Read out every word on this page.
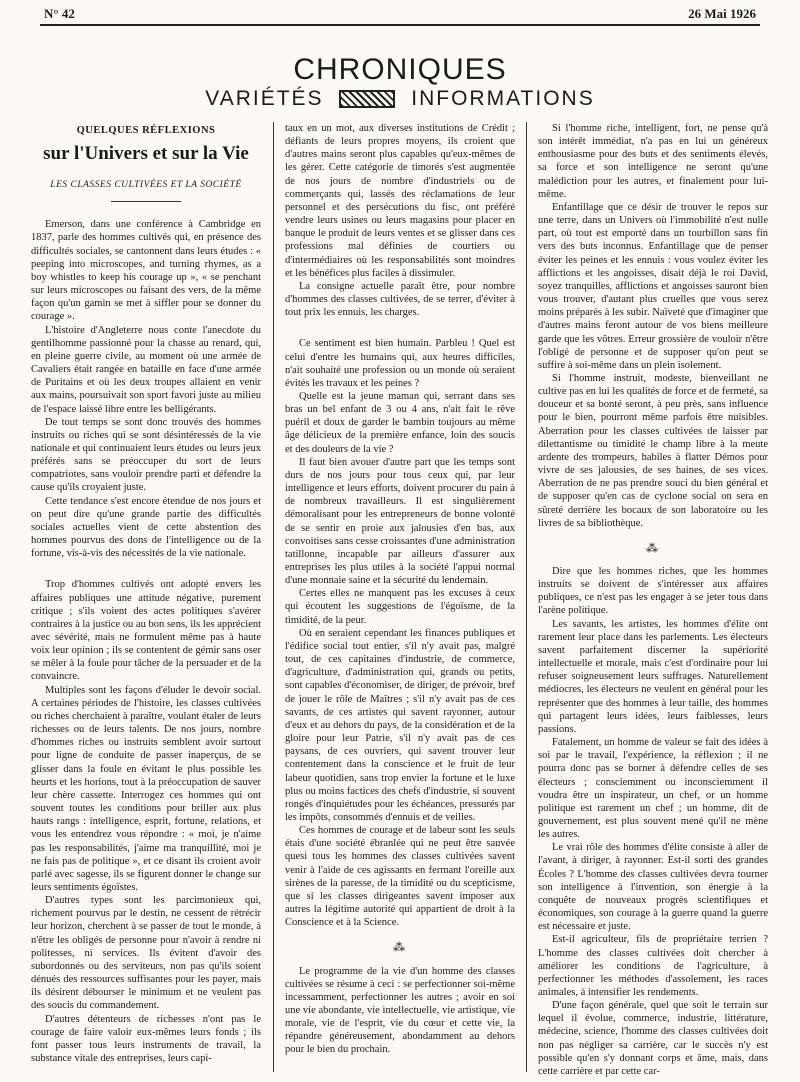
N° 42	26 Mai 1926
CHRONIQUES
VARIÉTÉS	INFORMATIONS
QUELQUES RÉFLEXIONS
sur l'Univers et sur la Vie
LES CLASSES CULTIVÉES ET LA SOCIÉTÉ

Emerson, dans une conférence à Cambridge en 1837, parle des hommes cultivés qui, en présence des difficultés sociales, se cantonnent dans leurs études : « peeping into microscopes, and turning rhymes, as a boy whistles to keep his courage up », « se penchant sur leurs microscopes ou faisant des vers, de la même façon qu'un gamin se met à siffler pour se donner du courage ».

L'histoire d'Angleterre nous conte l'anecdote du gentilhomme passionné pour la chasse au renard, qui, en pleine guerre civile, au moment où une armée de Cavaliers était rangée en bataille en face d'une armée de Puritains et où les deux troupes allaient en venir aux mains, poursuivait son sport favori juste au milieu de l'espace laissé libre entre les belligérants.

De tout temps se sont donc trouvés des hommes instruits ou riches qui se sont désintéressés de la vie nationale et qui continuaient leurs études ou leurs jeux préférés sans se préoccuper du sort de leurs compatriotes, sans vouloir prendre parti et défendre la cause qu'ils croyaient juste.

Cette tendance s'est encore étendue de nos jours et on peut dire qu'une grande partie des difficultés sociales actuelles vient de cette abstention des hommes pourvus des dons de l'intelligence ou de la fortune, vis-à-vis des nécessités de la vie nationale.

Trop d'hommes cultivés ont adopté envers les affaires publiques une attitude négative, purement critique ; s'ils voient des actes politiques s'avérer contraires à la justice ou au bon sens, ils les apprécient avec sévérité, mais ne formulent même pas à haute voix leur opinion ; ils se contentent de gémir sans oser se mêler à la foule pour tâcher de la persuader et de la convaincre.

Multiples sont les façons d'éluder le devoir social. A certaines périodes de l'histoire, les classes cultivées ou riches cherchaient à paraître, voulant étaler de leurs richesses ou de leurs talents. De nos jours, nombre d'hommes riches ou instruits semblent avoir surtout pour ligne de conduite de passer inaperçus, de se glisser dans la foule en évitant le plus possible les heurts et les horions, tout à la préoccupation de sauver leur chère cassette. Interrogez ces hommes qui ont souvent toutes les conditions pour briller aux plus hauts rangs : intelligence, esprit, fortune, relations, et vous les entendrez vous répondre : « moi, je n'aime pas les responsabilités, j'aime ma tranquillité, moi je ne fais pas de politique », et ce disant ils croient avoir parlé avec sagesse, ils se figurent donner le change sur leurs sentiments égoïstes.

D'autres types sont les parcimonieux qui, richement pourvus par le destin, ne cessent de rétrécir leur horizon, cherchent à se passer de tout le monde, à n'être les obligés de personne pour n'avoir à rendre ni politesses, ni services. Ils évitent d'avoir des subordonnés ou des serviteurs, non pas qu'ils soient dénués des ressources suffisantes pour les payer, mais ils désirent débourser le minimum et ne veulent pas des soucis du commandement.

D'autres détenteurs de richesses n'ont pas le courage de faire valoir eux-mêmes leurs fonds ; ils font passer tous leurs instruments de travail, la substance vitale des entreprises, leurs capi-

taux en un mot, aux diverses institutions de Crédit ; défiants de leurs propres moyens, ils croient que d'autres mains seront plus capables qu'eux-mêmes de les gérer. Cette catégorie de timorés s'est augmentée de nos jours de nombre d'industriels ou de commerçants qui, lassés des réclamations de leur personnel et des persécutions du fisc, ont préféré vendre leurs usines ou leurs magasins pour placer en banque le produit de leurs ventes et se glisser dans ces professions mal définies de courtiers ou d'intermédiaires où les responsabilités sont moindres et les bénéfices plus faciles à dissimuler.

La consigne actuelle paraît être, pour nombre d'hommes des classes cultivées, de se terrer, d'éviter à tout prix les ennuis, les charges.

Ce sentiment est bien humain. Parbleu ! Quel est celui d'entre les humains qui, aux heures difficiles, n'ait souhaité une profession ou un monde où seraient évités les travaux et les peines ?

Quelle est la jeune maman qui, serrant dans ses bras un bel enfant de 3 ou 4 ans, n'ait fait le rêve puéril et doux de garder le bambin toujours au même âge délicieux de la première enfance, loin des soucis et des douleurs de la vie ?

Il faut bien avouer d'autre part que les temps sont durs de nos jours pour tous ceux qui, par leur intelligence et leurs efforts, doivent procurer du pain à de nombreux travailleurs. Il est singulièrement démoralisant pour les entrepreneurs de bonne volonté de se sentir en proie aux jalousies d'en bas, aux convoitises sans cesse croissantes d'une administration tatillonne, incapable par ailleurs d'assurer aux entreprises les plus utiles à la société l'appui normal d'une monnaie saine et la sécurité du lendemain.

Certes elles ne manquent pas les excuses à ceux qui écoutent les suggestions de l'égoïsme, de la timidité, de la peur.

Où en seraient cependant les finances publiques et l'édifice social tout entier, s'il n'y avait pas, malgré tout, de ces capitaines d'industrie, de commerce, d'agriculture, d'administration qui, grands ou petits, sont capables d'économiser, de diriger, de prévoir, bref de jouer le rôle de Maîtres ; s'il n'y avait pas de ces savants, de ces artistes qui savent rayonner, autour d'eux et au dehors du pays, de la considération et de la gloire pour leur Patrie, s'il n'y avait pas de ces paysans, de ces ouvriers, qui savent trouver leur contentement dans la conscience et le fruit de leur labeur quotidien, sans trop envier la fortune et le luxe plus ou moins factices des chefs d'industrie, si souvent rongés d'inquiétudes pour les échéances, pressurés par les impôts, consommés d'ennuis et de veilles.

Ces hommes de courage et de labeur sont les seuls étais d'une société ébranlée qui ne peut être sauvée quesi tous les hommes des classes cultivées savent venir à l'aide de ces agissants en fermant l'oreille aux sirènes de la paresse, de la timidité ou du scepticisme, que si les classes dirigeantes savent imposer aux autres la légitime autorité qui appartient de droit à la Conscience et à la Science.

⁂

Le programme de la vie d'un homme des classes cultivées se résume à ceci : se perfectionner soi-même incessamment, perfectionner les autres ; avoir en soi une vie abondante, vie intellectuelle, vie artistique, vie morale, vie de l'esprit, vie du cœur et cette vie, la répandre généreusement, abondamment au dehors pour le bien du prochain.

Si l'homme riche, intelligent, fort, ne pense qu'à son intérêt immédiat, n'a pas en lui un généreux enthousiasme pour des buts et des sentiments élevés, sa force et son intelligence ne seront qu'une malédiction pour les autres, et finalement pour lui-même.

Enfantillage que ce désir de trouver le repos sur une terre, dans un Univers où l'immobilité n'est nulle part, où tout est emporté dans un tourbillon sans fin vers des buts inconnus. Enfantillage que de penser éviter les peines et les ennuis : vous voulez éviter les afflictions et les angoisses, disait déjà le roi David, soyez tranquilles, afflictions et angoisses sauront bien vous trouver, d'autant plus cruelles que vous serez moins préparés à les subir. Naïveté que d'imaginer que d'autres mains feront autour de vos biens meilleure garde que les vôtres. Erreur grossière de vouloir n'être l'obligé de personne et de supposer qu'on peut se suffire à soi-même dans un plein isolement.

Si l'homme instruit, modeste, bienveillant ne cultive pas en lui les qualités de force et de fermeté, sa douceur et sa bonté seront, à peu près, sans influence pour le bien, pourront même parfois être nuisibles. Aberration pour les classes cultivées de laisser par dilettantisme ou timidité le champ libre à la meute ardente des trompeurs, habiles à flatter Démos pour vivre de ses jalousies, de ses haines, de ses vices. Aberration de ne pas prendre souci du bien général et de supposer qu'en cas de cyclone social on sera en sûreté derrière les bocaux de son laboratoire ou les livres de sa bibliothèque.

⁂

Dire que les hommes riches, que les hommes instruits se doivent de s'intéresser aux affaires publiques, ce n'est pas les engager à se jeter tous dans l'arène politique.

Les savants, les artistes, les hommes d'élite ont rarement leur place dans les parlements. Les électeurs savent parfaitement discerner la supériorité intellectuelle et morale, mais c'est d'ordinaire pour lui refuser soigneusement leurs suffrages. Naturellement médiocres, les électeurs ne veulent en général pour les représenter que des hommes à leur taille, des hommes qui partagent leurs idées, leurs faiblesses, leurs passions.

Fatalement, un homme de valeur se fait des idées à soi par le travail, l'expérience, la réflexion ; il ne pourra donc pas se borner à défendre celles de ses électeurs ; consciemment ou inconsciemment il voudra être un inspirateur, un chef, or un homme politique est rarement un chef ; un homme, dit de gouvernement, est plus souvent mené qu'il ne mène les autres.

Le vrai rôle des hommes d'élite consiste à aller de l'avant, à diriger, à rayonner. Est-il sorti des grandes Écoles ? L'homme des classes cultivées devra tourner son intelligence à l'invention, son énergie à la conquête de nouveaux progrès scientifiques et économiques, son courage à la guerre quand la guerre est nécessaire et juste.

Est-il agriculteur, fils de propriétaire terrien ? L'homme des classes cultivées doit chercher à améliorer les conditions de l'agriculture, à perfectionner les méthodes d'assolement, les races animales, à intensifier les rendements.

D'une façon générale, quel que soit le terrain sur lequel il évolue, commerce, industrie, littérature, médecine, science, l'homme des classes cultivées doit non pas négliger sa carrière, car le succès n'y est possible qu'en s'y donnant corps et âme, mais, dans cette carrière et par cette car-
